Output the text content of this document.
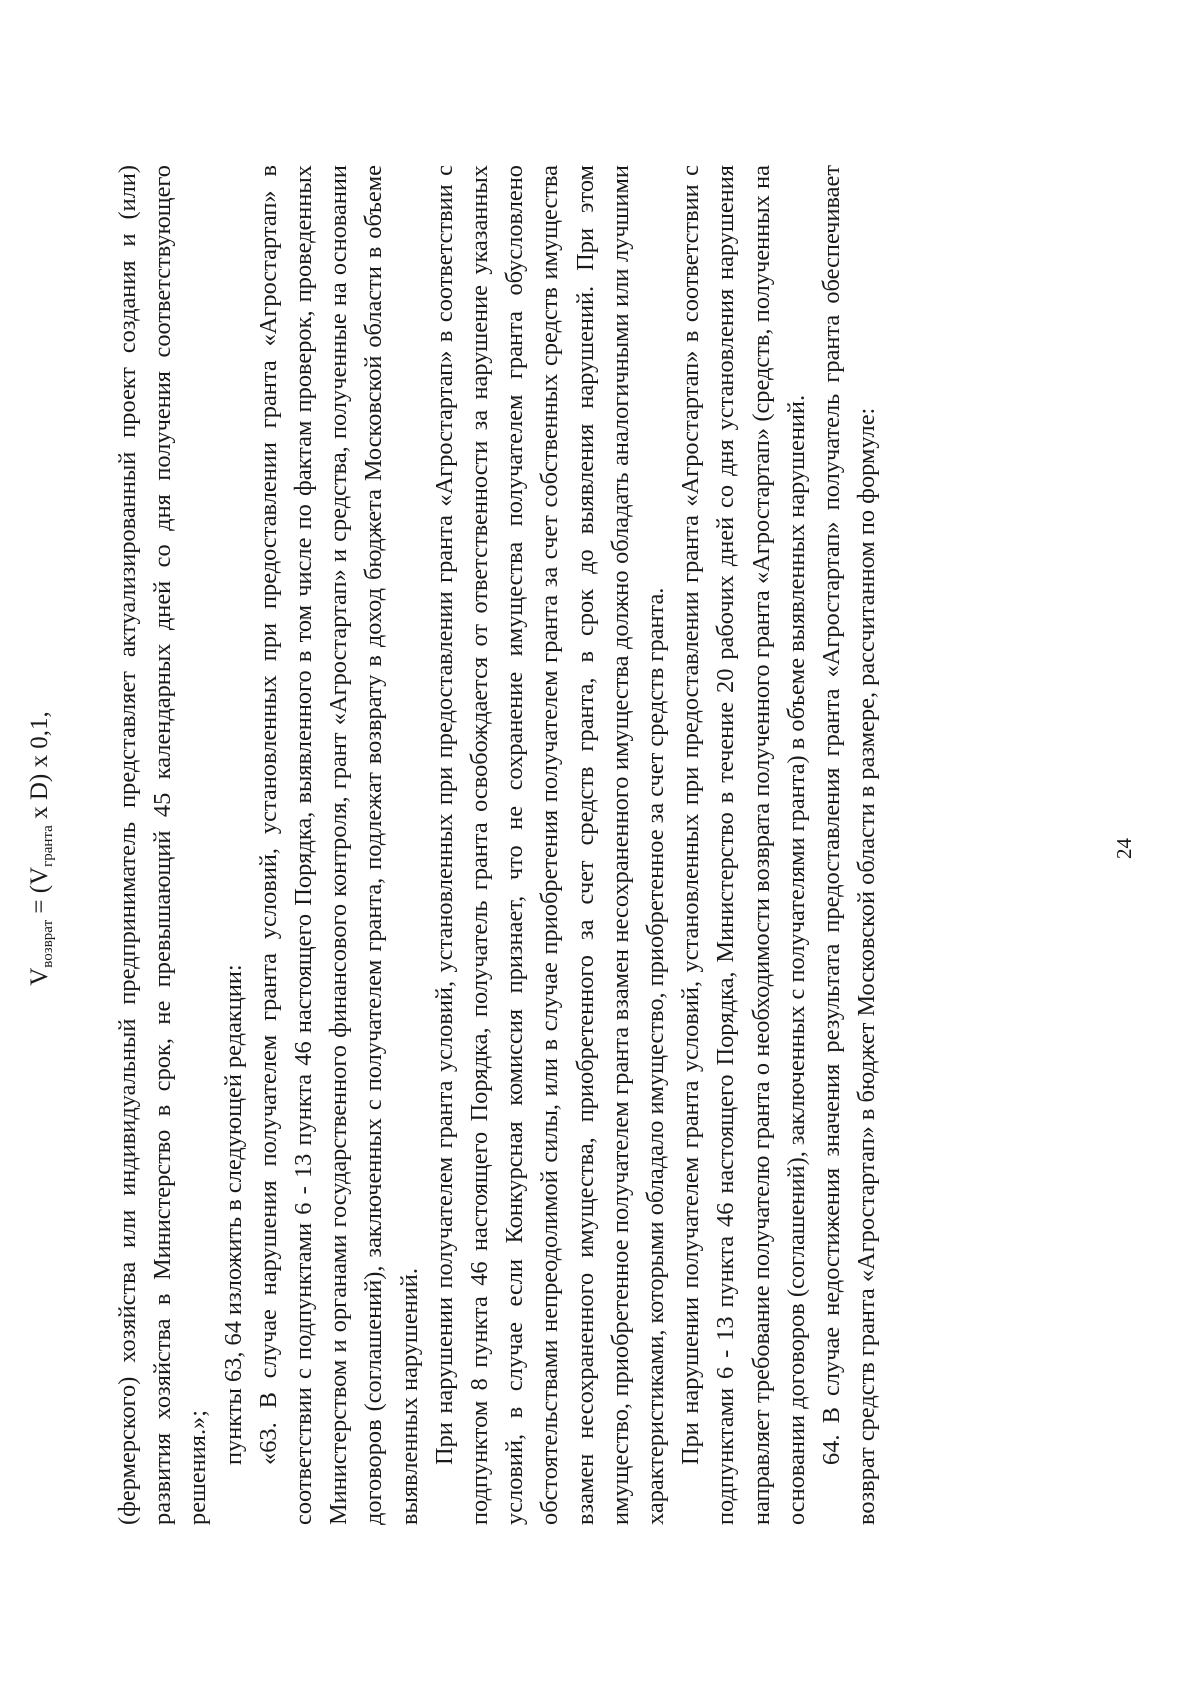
24

(фермерского) хозяйства или индивидуальный предприниматель представляет актуализированный проект создания и (или) развития хозяйства в Министерство в срок, не превышающий 45 календарных дней со дня получения соответствующего решения.»;

пункты 63, 64 изложить в следующей редакции: «63. В случае нарушения получателем гранта условий, установленных при предоставлении гранта «Агростартап» в соответствии с подпунктами 6 - 13 пункта 46 настоящего Порядка, выявленного в том числе по фактам проверок, проведенных Министерством и органами государственного финансового контроля, грант «Агростартап» и средства, полученные на основании договоров (соглашений), заключенных с получателем гранта, подлежат возврату в доход бюджета Московской области в объеме выявленных нарушений. При нарушении получателем гранта условий, установленных при предоставлении гранта «Агростартап» в соответствии с подпунктом 8 пункта 46 настоящего Порядка, получатель гранта освобождается от ответственности за нарушение указанных условий, в случае если Конкурсная комиссия признает, что не сохранение имущества получателем гранта обусловлено обстоятельствами непреодолимой силы, или в случае приобретения получателем гранта за счет собственных средств имущества взамен несохраненного имущества, приобретенного за счет средств гранта, в срок до выявления нарушений. При этом имущество, приобретенное получателем гранта взамен несохраненного имущества должно обладать аналогичными или лучшими характеристиками, которыми обладало имущество, приобретенное за счет средств гранта. При нарушении получателем гранта условий, установленных при предоставлении гранта «Агростартап» в соответствии с подпунктами 6 - 13 пункта 46 настоящего Порядка, Министерство в течение 20 рабочих дней со дня установления нарушения направляет требование получателю гранта о необходимости возврата полученного гранта «Агростартап» (средств, полученных на основании договоров (соглашений), заключенных с получателями гранта) в объеме выявленных нарушений. 64. В случае недостижения значения результата предоставления гранта «Агростартап» получатель гранта обеспечивает возврат средств гранта «Агростартап» в бюджет Московской области в размере, рассчитанном по формуле:

$V_{возврат} = (V_{гранта}$ x D) x 0,1,
